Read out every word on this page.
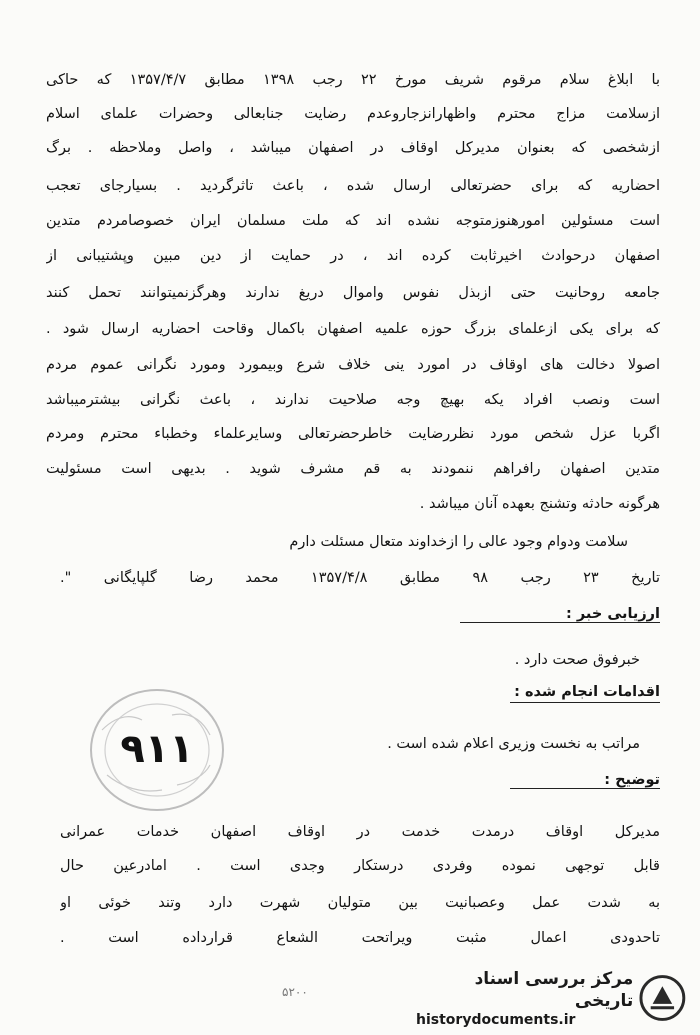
با ابلاغ سلام مرقوم شریف مورخ ۲۲ رجب ۱۳۹۸ مطابق ۱۳۵۷/۴/۷ که حاکی
ازسلامت مزاج محترم واظهارانزجاروعدم رضایت جنابعالی وحضرات علمای اسلام
ازشخصی که بعنوان مدیرکل اوقاف در اصفهان میباشد ، واصل وملاحظه . برگ
احضاریه که برای حضرتعالی ارسال شده ، باعث تاثرگردید . بسیارجای تعجب
است مسئولین امورهنوزمتوجه نشده اند که ملت مسلمان ایران خصوصامردم متدین
اصفهان درحوادث اخیرثابت کرده اند ، در حمایت از دین مبین وپشتیبانی از
جامعه روحانیت حتی ازبذل نفوس واموال دریغ ندارند وهرگزنمیتوانند تحمل کنند
که برای یکی ازعلمای بزرگ حوزه علمیه اصفهان باکمال وقاحت احضاریه ارسال شود .
اصولا دخالت های اوقاف در امورد ینی خلاف شرع وبیمورد ومورد نگرانی عموم مردم
است ونصب افراد یکه بهیچ وجه صلاحیت ندارند ، باعث نگرانی بیشترمیباشد
اگربا عزل شخص مورد نظررضایت خاطرحضرتعالی وسایرعلماء وخطباء محترم ومردم
متدین اصفهان رافراهم ننمودند به قم مشرف شوید . بدیهی است مسئولیت
هرگونه حادثه وتشنج بعهده آنان میباشد .
سلامت ودوام وجود عالی را ازخداوند متعال مسئلت دارم
تاریخ ۲۳ رجب ۹۸ مطابق ۱۳۵۷/۴/۸ محمد رضا گلپایگانی ".
ارزیابی خبر :
خبرفوق صحت دارد .
اقدامات انجام شده :
مراتب به نخست وزیری اعلام شده است .
توضیح :
مدیرکل اوقاف درمدت خدمت در اوقاف اصفهان خدمات عمرانی
قابل توجهی نموده وفردی درستکار وجدی است . امادرعین حال
به شدت عمل وعصبانیت بین متولیان شهرت دارد وتند خوئی او
تاحدودی اعمال مثبت ویراتحت الشعاع قرارداده است .
۹۱۱
۵۲۰۰
مرکز بررسی اسناد تاریخی
historydocuments.ir
